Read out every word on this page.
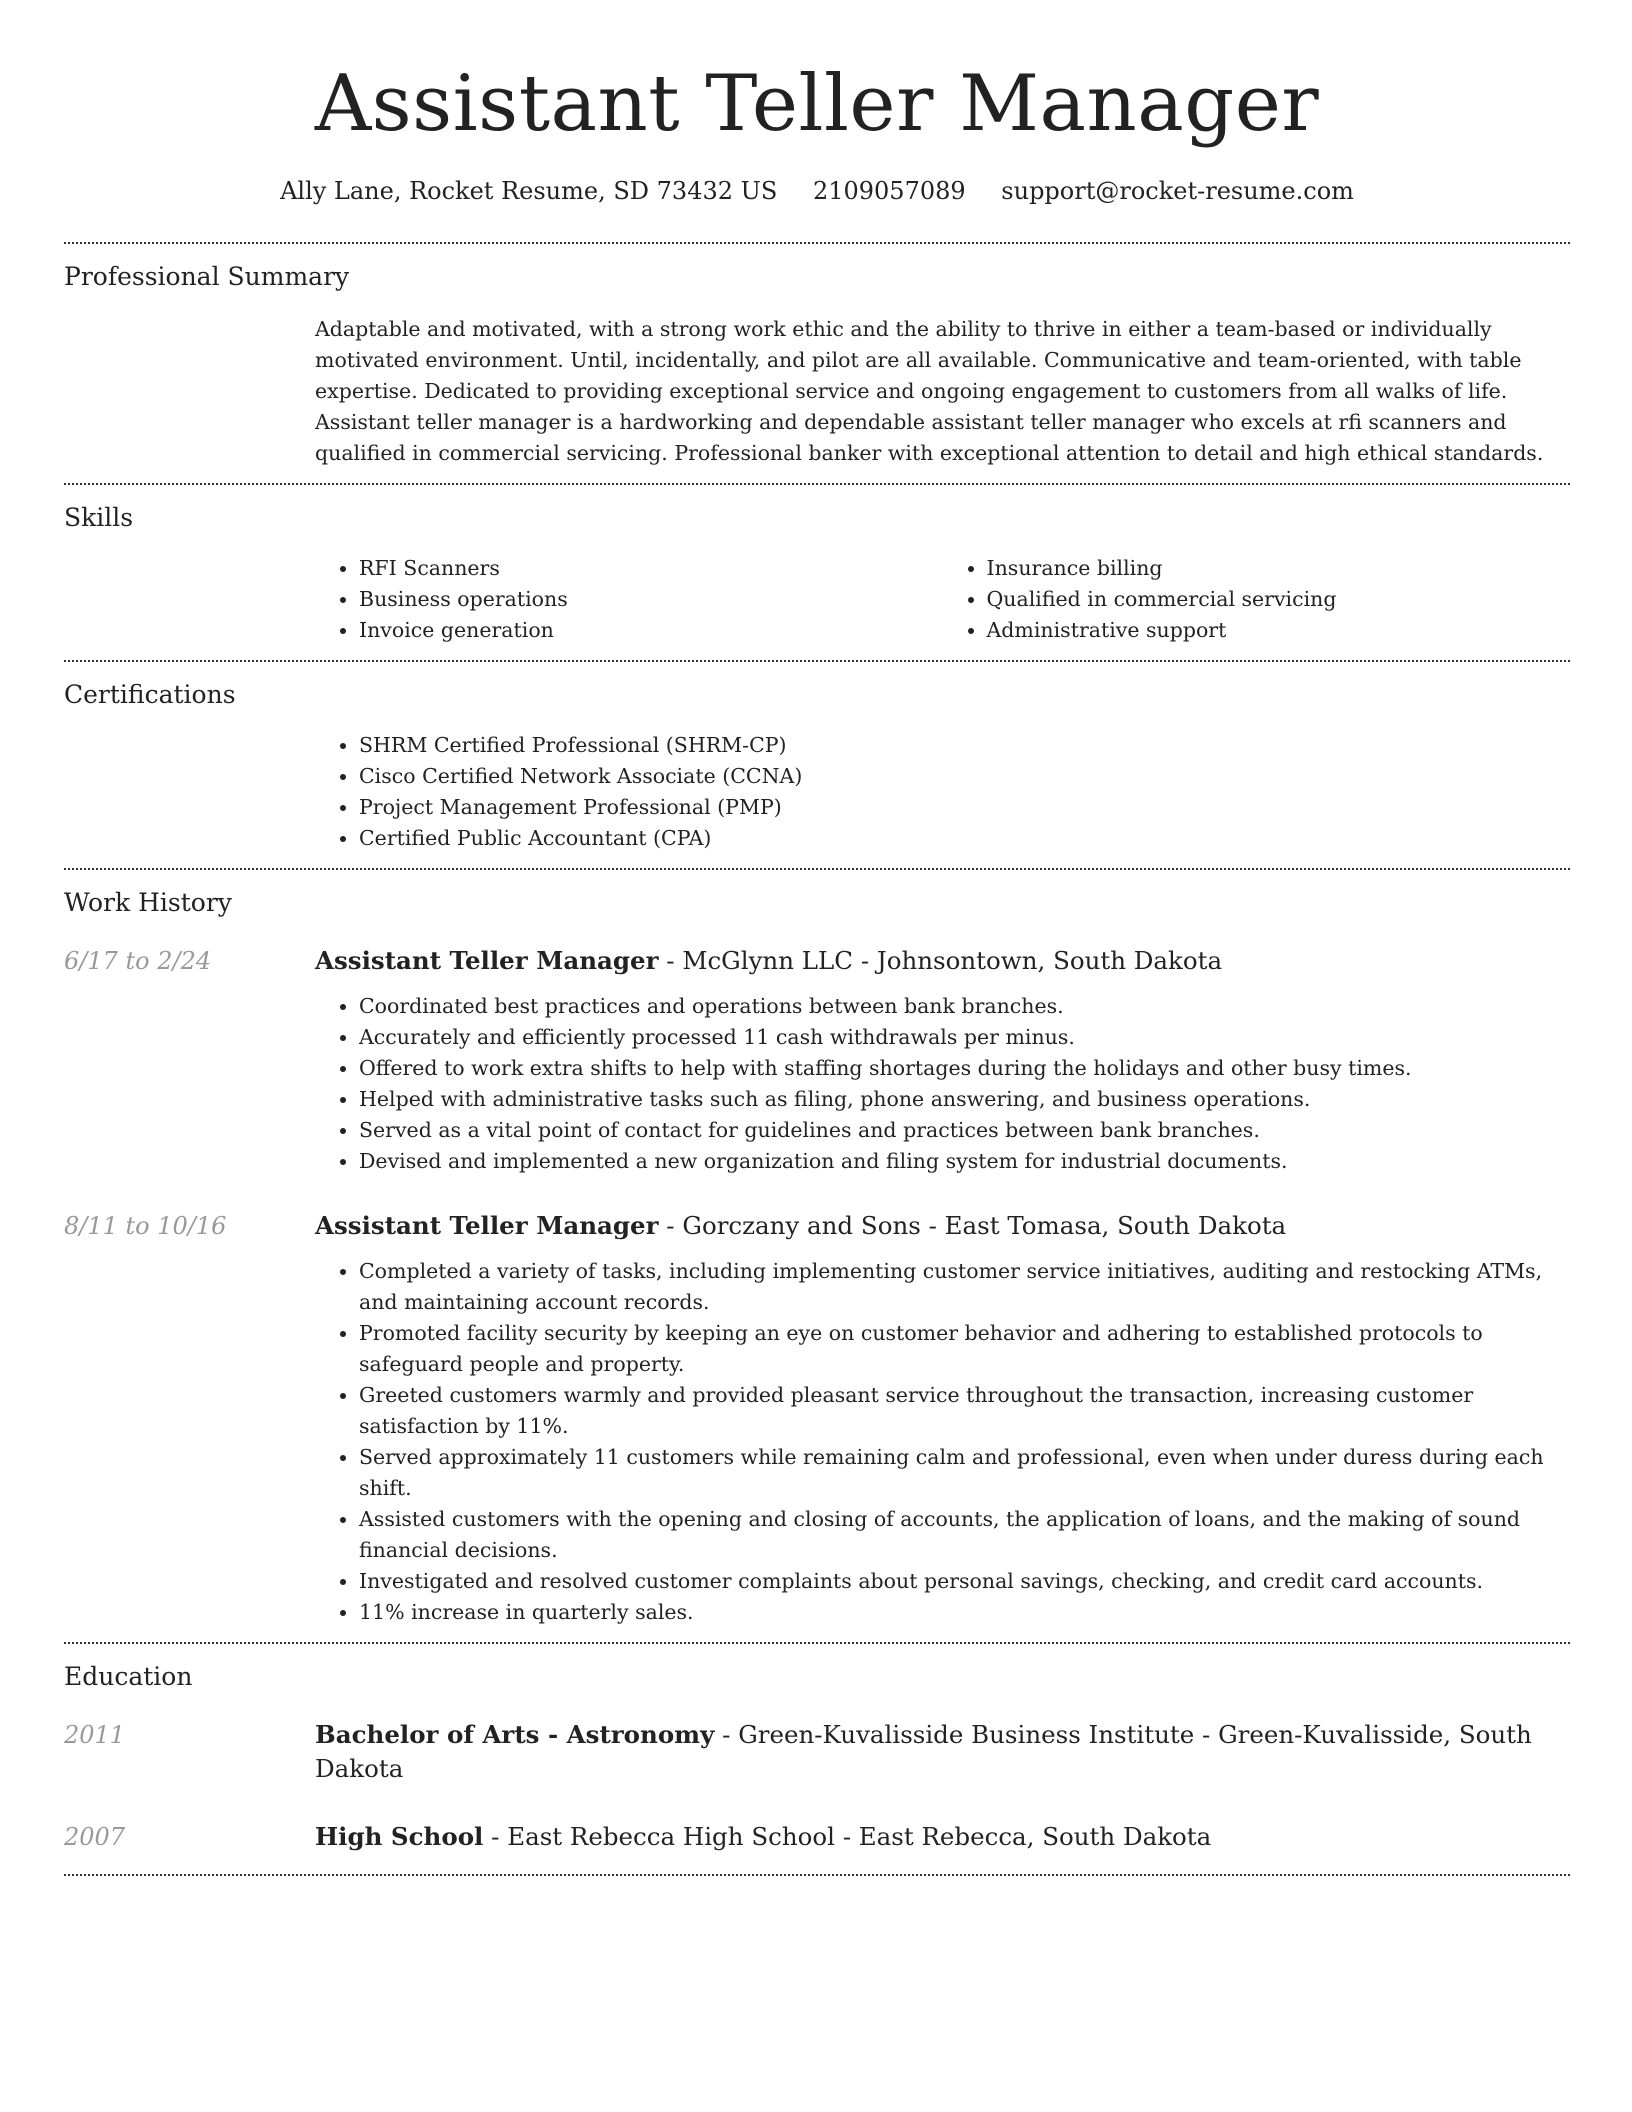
Assistant Teller Manager
Ally Lane, Rocket Resume, SD 73432 US 2109057089 support@rocket-resume.com
Professional Summary
Adaptable and motivated, with a strong work ethic and the ability to thrive in either a team-based or individually motivated environment. Until, incidentally, and pilot are all available. Communicative and team-oriented, with table expertise. Dedicated to providing exceptional service and ongoing engagement to customers from all walks of life. Assistant teller manager is a hardworking and dependable assistant teller manager who excels at rfi scanners and qualified in commercial servicing. Professional banker with exceptional attention to detail and high ethical standards.
Skills
• RFI Scanners
• Business operations
• Invoice generation
• Insurance billing
• Qualified in commercial servicing
• Administrative support
Certifications
• SHRM Certified Professional (SHRM-CP)
• Cisco Certified Network Associate (CCNA)
• Project Management Professional (PMP)
• Certified Public Accountant (CPA)
Work History
6/17 to 2/24	Assistant Teller Manager - McGlynn LLC - Johnsontown, South Dakota
• Coordinated best practices and operations between bank branches.
• Accurately and efficiently processed 11 cash withdrawals per minus.
• Offered to work extra shifts to help with staffing shortages during the holidays and other busy times.
• Helped with administrative tasks such as filing, phone answering, and business operations.
• Served as a vital point of contact for guidelines and practices between bank branches.
• Devised and implemented a new organization and filing system for industrial documents.
8/11 to 10/16	Assistant Teller Manager - Gorczany and Sons - East Tomasa, South Dakota
• Completed a variety of tasks, including implementing customer service initiatives, auditing and restocking ATMs, and maintaining account records.
• Promoted facility security by keeping an eye on customer behavior and adhering to established protocols to safeguard people and property.
• Greeted customers warmly and provided pleasant service throughout the transaction, increasing customer satisfaction by 11%.
• Served approximately 11 customers while remaining calm and professional, even when under duress during each shift.
• Assisted customers with the opening and closing of accounts, the application of loans, and the making of sound financial decisions.
• Investigated and resolved customer complaints about personal savings, checking, and credit card accounts.
• 11% increase in quarterly sales.
Education
2011	Bachelor of Arts - Astronomy - Green-Kuvalisside Business Institute - Green-Kuvalisside, South Dakota
2007	High School - East Rebecca High School - East Rebecca, South Dakota
